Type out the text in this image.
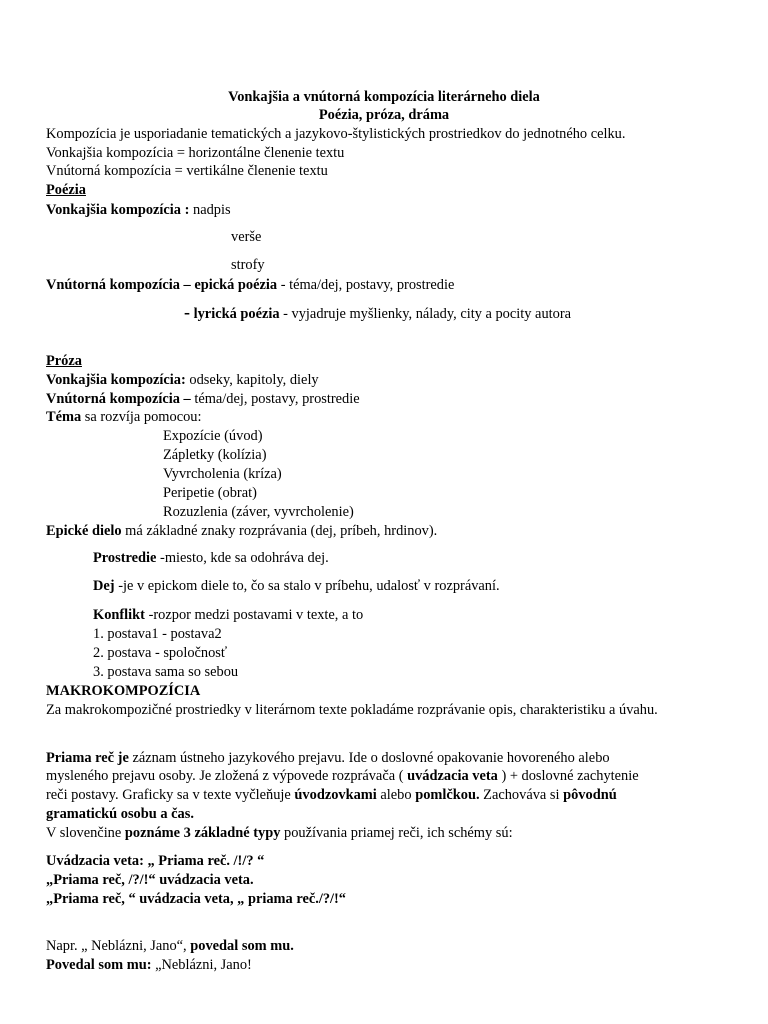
Vonkajšia a vnútorná kompozícia literárneho diela
Poézia, próza, dráma
Kompozícia je usporiadanie tematických a jazykovo-štylistických prostriedkov do jednotného celku.
Vonkajšia kompozícia = horizontálne členenie textu
Vnútorná kompozícia = vertikálne členenie textu
Poézia
Vonkajšia kompozícia : nadpis
verše
strofy
Vnútorná kompozícia – epická poézia - téma/dej, postavy, prostredie
- lyrická poézia - vyjadruje myšlienky, nálady, city a pocity autora
Próza
Vonkajšia kompozícia: odseky, kapitoly, diely
Vnútorná kompozícia – téma/dej, postavy, prostredie
Téma sa rozvíja pomocou:
Expozície (úvod)
Zápletky (kolízia)
Vyvrcholenia (kríza)
Peripetie (obrat)
Rozuzlenia (záver, vyvrcholenie)
Epické dielo má základné znaky rozprávania (dej, príbeh, hrdinov).
Prostredie -miesto, kde sa odohráva dej.
Dej -je v epickom diele to, čo sa stalo v príbehu, udalosť v rozprávaní.
Konflikt -rozpor medzi postavami v texte, a to
1. postava1 - postava2
2. postava - spoločnosť
3. postava sama so sebou
MAKROKOMPOZÍCIA
Za makrokompozičné prostriedky v literárnom texte pokladáme rozprávanie opis, charakteristiku a úvahu.
Priama reč je záznam ústneho jazykového prejavu. Ide o doslovné opakovanie hovoreného alebo
mysleného prejavu osoby. Je zložená z výpovede rozprávača ( uvádzacia veta ) + doslovné zachytenie
reči postavy. Graficky sa v texte vyčleňuje úvodzovkami alebo pomlčkou. Zachováva si pôvodnú
gramatickú osobu a čas.
V slovenčine poznáme 3 základné typy používania priamej reči, ich schémy sú:
Uvádzacia veta: „ Priama reč. /!/? “
„Priama reč, /?/!“ uvádzacia veta.
„Priama reč, “ uvádzacia veta, „ priama reč./?/!“
Napr. „ Neblázni, Jano“, povedal som mu.
Povedal som mu: „Neblázni, Jano!
